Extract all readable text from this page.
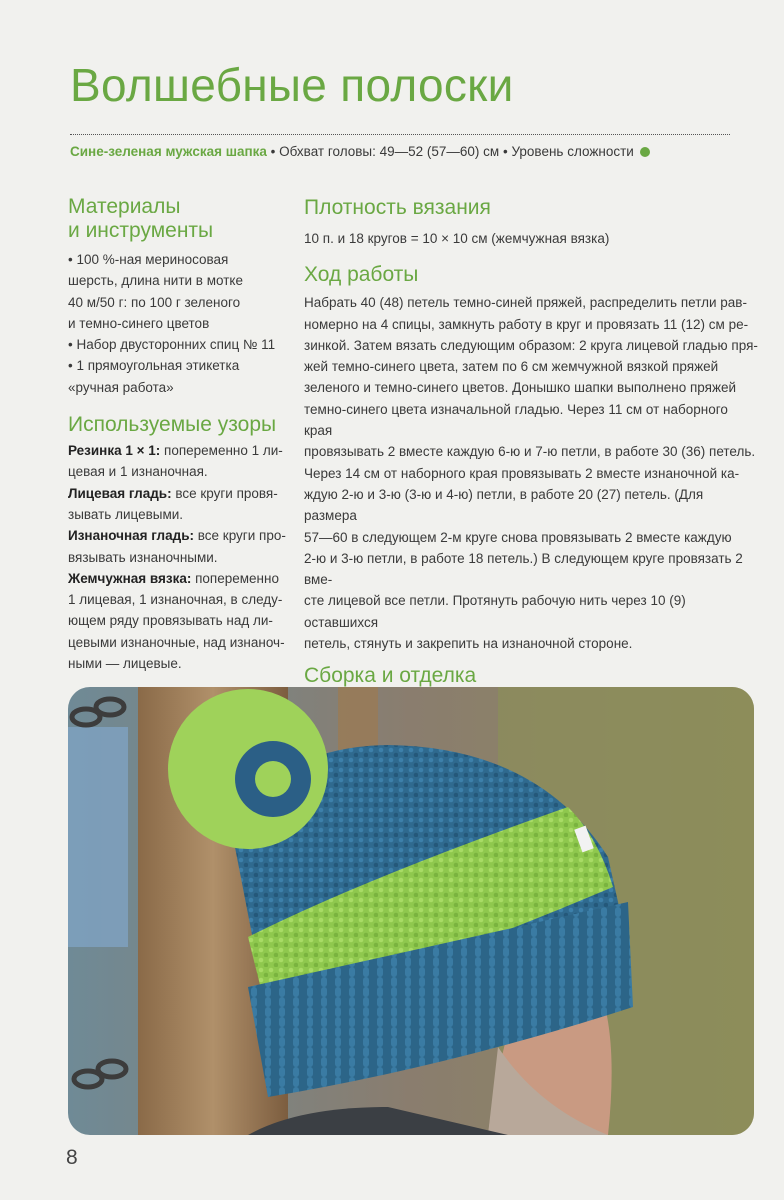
Волшебные полоски
Сине-зеленая мужская шапка • Обхват головы: 49—52 (57—60) см • Уровень сложности
Материалы
и инструменты
• 100 %-ная мериносовая
шерсть, длина нити в мотке
40 м/50 г: по 100 г зеленого
и темно-синего цветов
• Набор двусторонних спиц № 11
• 1 прямоугольная этикетка
«ручная работа»
Используемые узоры
Резинка 1 × 1: попеременно 1 ли-
цевая и 1 изнаночная.
Лицевая гладь: все круги провя-
зывать лицевыми.
Изнаночная гладь: все круги про-
вязывать изнаночными.
Жемчужная вязка: попеременно
1 лицевая, 1 изнаночная, в следу-
ющем ряду провязывать над ли-
цевыми изнаночные, над изнаноч-
ными — лицевые.
Плотность вязания

10 п. и 18 кругов = 10 × 10 см (жемчужная вязка)

Ход работы

Набрать 40 (48) петель темно-синей пряжей, распределить петли рав-
номерно на 4 спицы, замкнуть работу в круг и провязать 11 (12) см ре-
зинкой. Затем вязать следующим образом: 2 круга лицевой гладью пря-
жей темно-синего цвета, затем по 6 см жемчужной вязкой пряжей
зеленого и темно-синего цветов. Донышко шапки выполнено пряжей
темно-синего цвета изначальной гладью. Через 11 см от наборного края
провязывать 2 вместе каждую 6-ю и 7-ю петли, в работе 30 (36) петель.
Через 14 см от наборного края провязывать 2 вместе изнаночной ка-
ждую 2-ю и 3-ю (3-ю и 4-ю) петли, в работе 20 (27) петель. (Для размера
57—60 в следующем 2-м круге снова провязывать 2 вместе каждую
2-ю и 3-ю петли, в работе 18 петель.) В следующем круге провязать 2 вме-
сте лицевой все петли. Протянуть рабочую нить через 10 (9) оставшихся
петель, стянуть и закрепить на изнаночной стороне.

Сборка и отделка

8
